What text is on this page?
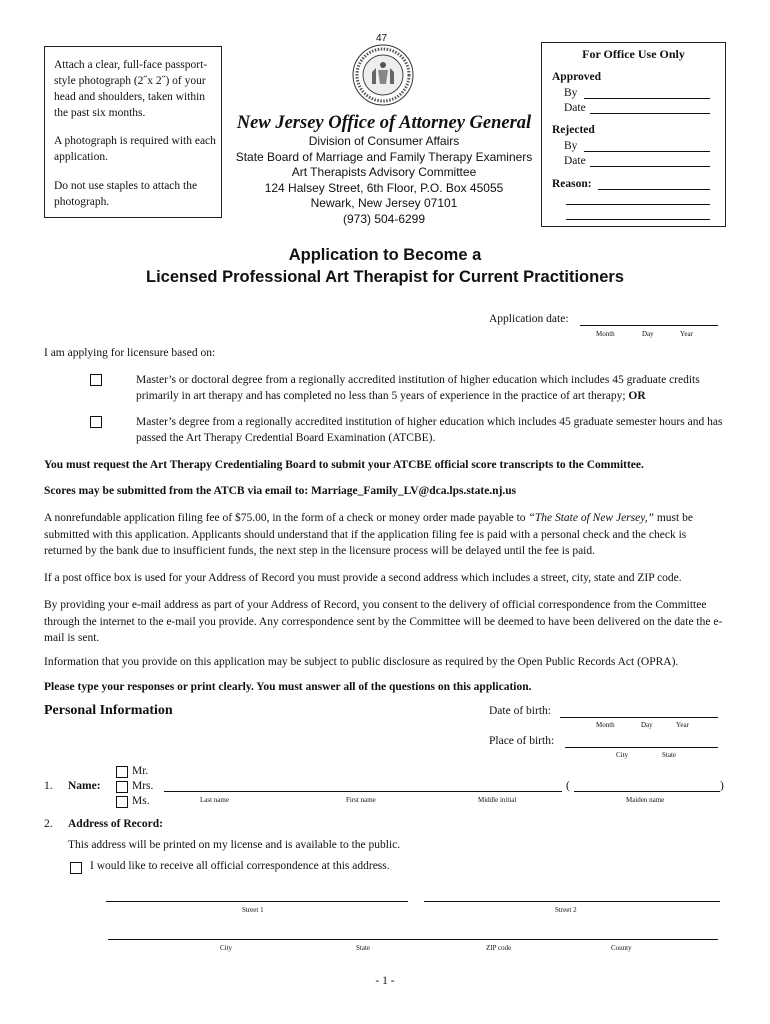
47

Attach a clear, full-face passport-style photograph (2˝x 2˝) of your head and shoulders, taken within the past six months.

A photograph is required with each application.

Do not use staples to attach the photograph.

New Jersey Office of Attorney General
Division of Consumer Affairs
State Board of Marriage and Family Therapy Examiners
Art Therapists Advisory Committee
124 Halsey Street, 6th Floor, P.O. Box 45055
Newark, New Jersey 07101
(973) 504-6299
For Office Use Only
Approved
By
Date
Rejected
By
Date
Reason:
Application to Become a
Licensed Professional Art Therapist for Current Practitioners
Application date:
Month	Day	Year
I am applying for licensure based on:

Master’s or doctoral degree from a regionally accredited institution of higher education which includes 45 graduate credits primarily in art therapy and has completed no less than 5 years of experience in the practice of art therapy; OR

Master’s degree from a regionally accredited institution of higher education which includes 45 graduate semester hours and has passed the Art Therapy Credential Board Examination (ATCBE).

You must request the Art Therapy Credentialing Board to submit your ATCBE official score transcripts to the Committee.

Scores may be submitted from the ATCB via email to: Marriage_Family_LV@dca.lps.state.nj.us

A nonrefundable application filing fee of $75.00, in the form of a check or money order made payable to “The State of New Jersey,” must be submitted with this application. Applicants should understand that if the application filing fee is paid with a personal check and the check is returned by the bank due to insufficient funds, the next step in the licensure process will be delayed until the fee is paid.

If a post office box is used for your Address of Record you must provide a second address which includes a street, city, state and ZIP code.

By providing your e-mail address as part of your Address of Record, you consent to the delivery of official correspondence from the Committee through the internet to the e-mail you provide. Any correspondence sent by the Committee will be deemed to have been delivered on the date the e-mail is sent.

Information that you provide on this application may be subject to public disclosure as required by the Open Public Records Act (OPRA).

Please type your responses or print clearly. You must answer all of the questions on this application.

Personal Information	Date of birth:
Month	Day	Year
Place of birth:
City	State
Mr.
Mrs.
Ms.
1. Name:	(	)
Last name	First name	Middle initial	Maiden name
2. Address of Record:
This address will be printed on my license and is available to the public.
I would like to receive all official correspondence at this address.
Street 1	Street 2
City	State	ZIP code	County
- 1 -
